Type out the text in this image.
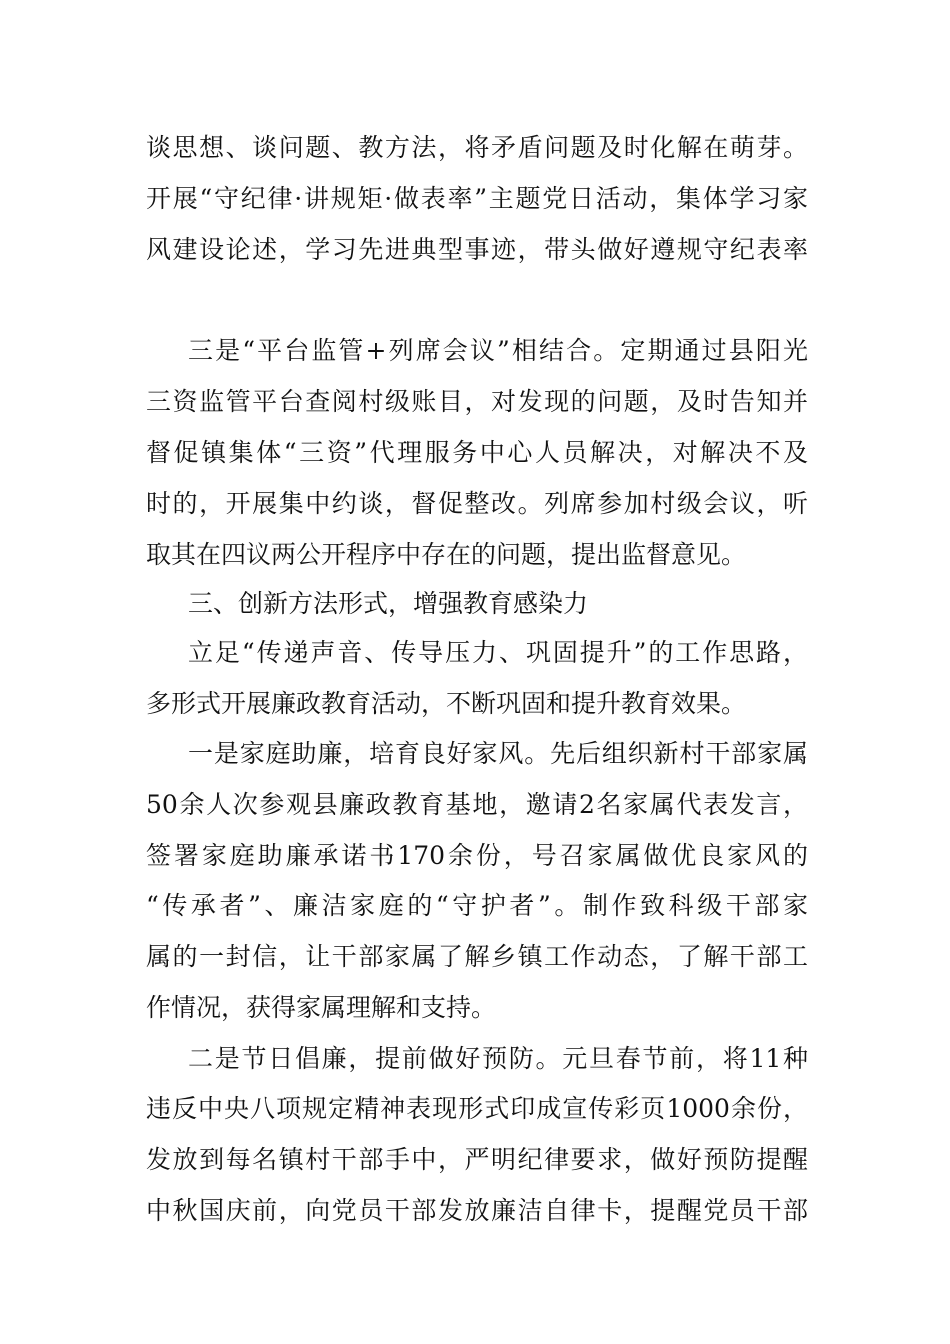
谈思想、谈问题、教方法，将矛盾问题及时化解在萌芽。
开展“守纪律·讲规矩·做表率”主题党日活动，集体学习家
风建设论述，学习先进典型事迹，带头做好遵规守纪表率
三是“平台监管+列席会议”相结合。定期通过县阳光
三资监管平台查阅村级账目，对发现的问题，及时告知并
督促镇集体“三资”代理服务中心人员解决，对解决不及
时的，开展集中约谈，督促整改。列席参加村级会议，听
取其在四议两公开程序中存在的问题，提出监督意见。
三、创新方法形式，增强教育感染力
立足“传递声音、传导压力、巩固提升”的工作思路，
多形式开展廉政教育活动，不断巩固和提升教育效果。
一是家庭助廉，培育良好家风。先后组织新村干部家属
50余人次参观县廉政教育基地，邀请2名家属代表发言，
签署家庭助廉承诺书170余份，号召家属做优良家风的
“传承者”、廉洁家庭的“守护者”。制作致科级干部家
属的一封信，让干部家属了解乡镇工作动态，了解干部工
作情况，获得家属理解和支持。
二是节日倡廉，提前做好预防。元旦春节前，将11种
违反中央八项规定精神表现形式印成宣传彩页1000余份，
发放到每名镇村干部手中，严明纪律要求，做好预防提醒
中秋国庆前，向党员干部发放廉洁自律卡，提醒党员干部
